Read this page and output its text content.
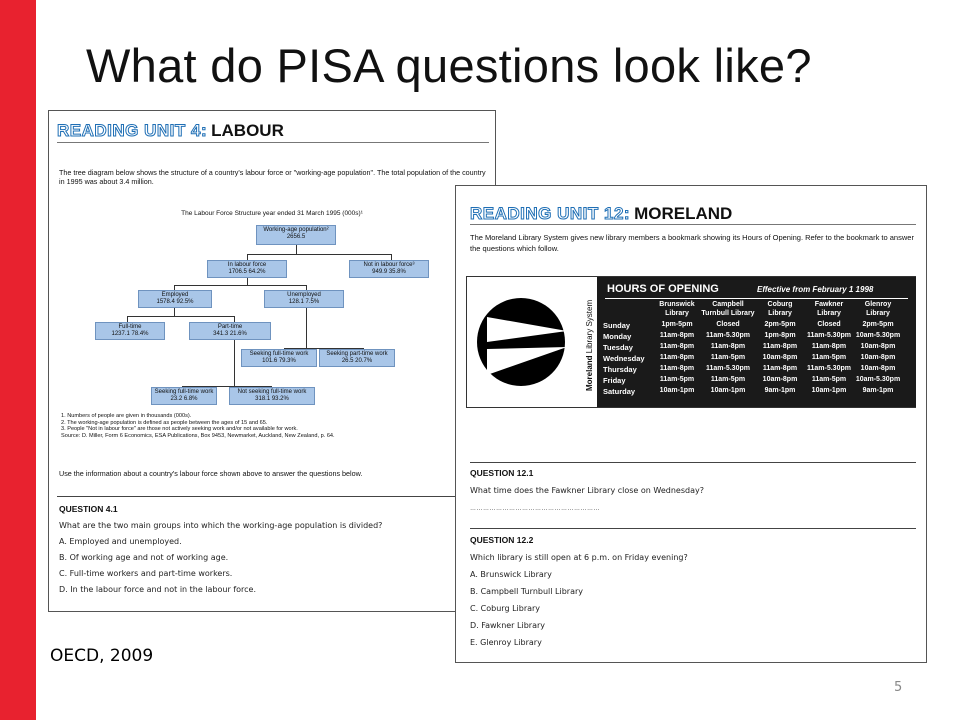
What do PISA questions look like?
READING UNIT 4: LABOUR
The tree diagram below shows the structure of a country's labour force or "working-age population". The total population of the country in 1995 was about 3.4 million.
The Labour Force Structure year ended 31 March 1995 (000s)¹
Working-age population²
2656.5
In labour force
1706.5 64.2%
Not in labour force³
949.9 35.8%
Employed
1578.4 92.5%
Unemployed
128.1 7.5%
Full-time
1237.1 78.4%
Part-time
341.3 21.6%
Seeking full-time work
101.6 79.3%
Seeking part-time work
26.5 20.7%
Seeking full-time work
23.2 6.8%
Not seeking full-time work
318.1 93.2%
1. Numbers of people are given in thousands (000s).
2. The working-age population is defined as people between the ages of 15 and 65.
3. People "Not in labour force" are those not actively seeking work and/or not available for work.
Source: D. Miller, Form 6 Economics, ESA Publications, Box 9453, Newmarket, Auckland, New Zealand, p. 64.
Use the information about a country's labour force shown above to answer the questions below.
QUESTION 4.1
What are the two main groups into which the working-age population is divided?
A. Employed and unemployed.
B. Of working age and not of working age.
C. Full-time workers and part-time workers.
D. In the labour force and not in the labour force.
READING UNIT 12: MORELAND
The Moreland Library System gives new library members a bookmark showing its Hours of Opening. Refer to the bookmark to answer the questions which follow.
Moreland Library System
HOURS OF OPENING	Effective from February 1 1998
Brunswick
Library
Campbell
Turnbull Library
Coburg
Library
Fawkner
Library
Glenroy
Library
Sunday	1pm-5pm	Closed	2pm-5pm	Closed	2pm-5pm
Monday	11am-8pm	11am-5.30pm	1pm-8pm	11am-5.30pm 10am-5.30pm
Tuesday	11am-8pm	11am-8pm	11am-8pm	11am-8pm	10am-8pm
Wednesday	11am-8pm	11am-5pm	10am-8pm	11am-5pm	10am-8pm
Thursday	11am-8pm	11am-5.30pm	11am-8pm	11am-5.30pm	10am-8pm
Friday	11am-5pm	11am-5pm	10am-8pm	11am-5pm	10am-5.30pm
Saturday	10am-1pm	10am-1pm	9am-1pm	10am-1pm	9am-1pm
QUESTION 12.1
What time does the Fawkner Library close on Wednesday?
……………………………………………………
QUESTION 12.2
Which library is still open at 6 p.m. on Friday evening?
A. Brunswick Library
B. Campbell Turnbull Library
C. Coburg Library
D. Fawkner Library
E. Glenroy Library
OECD, 2009
5
